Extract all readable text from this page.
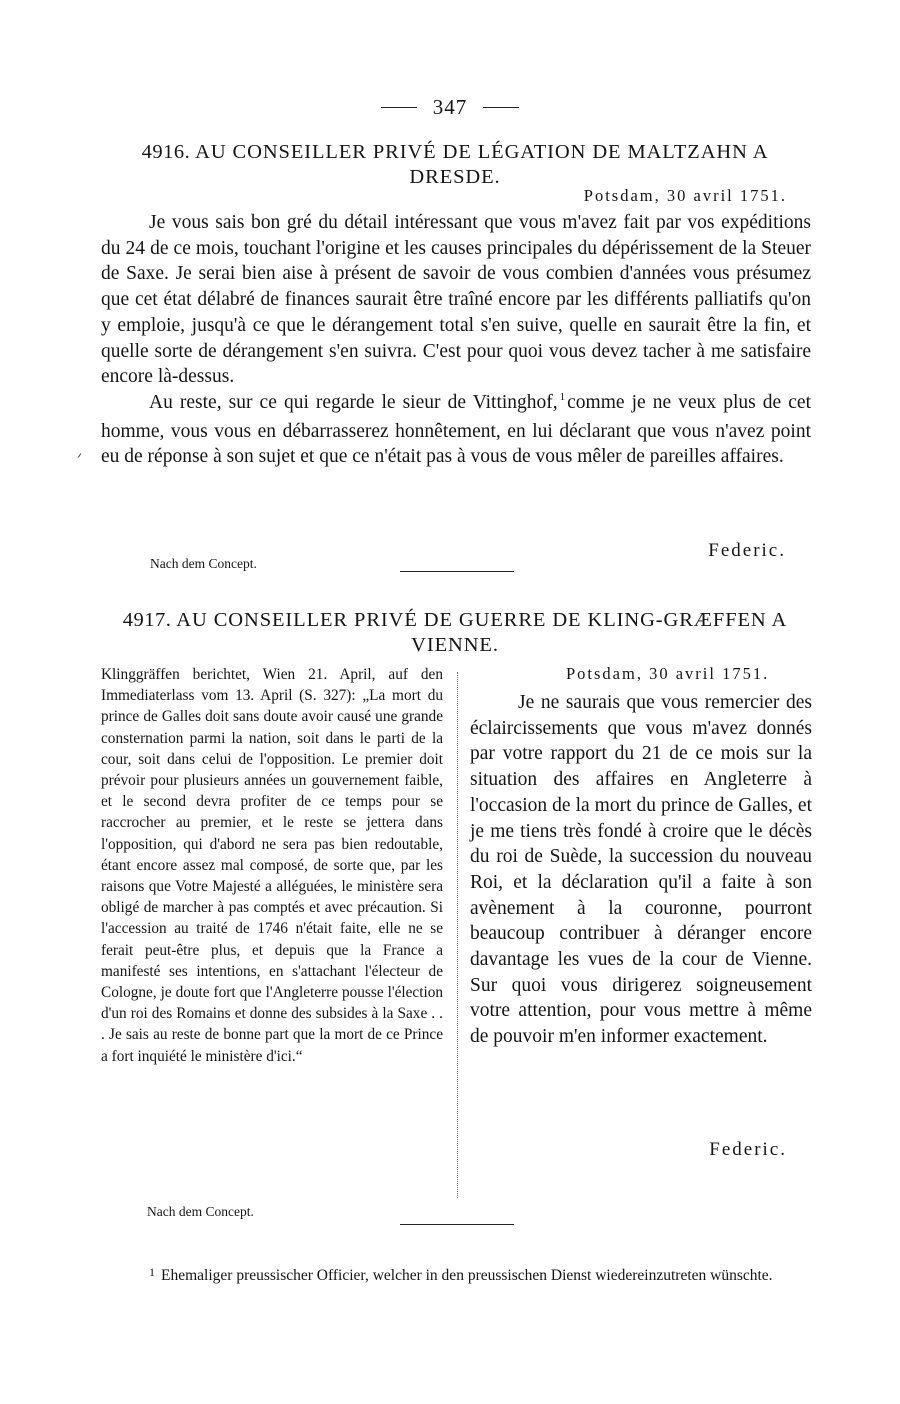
347
4916. AU CONSEILLER PRIVÉ DE LÉGATION DE MALTZAHN A DRESDE.
Potsdam, 30 avril 1751.

Je vous sais bon gré du détail intéressant que vous m'avez fait par vos expéditions du 24 de ce mois, touchant l'origine et les causes principales du dépérissement de la Steuer de Saxe. Je serai bien aise à présent de savoir de vous combien d'années vous présumez que cet état délabré de finances saurait être traîné encore par les différents palliatifs qu'on y emploie, jusqu'à ce que le dérangement total s'en suive, quelle en saurait être la fin, et quelle sorte de dérangement s'en suivra. C'est pour quoi vous devez tacher à me satisfaire encore là-dessus.

Au reste, sur ce qui regarde le sieur de Vittinghof, $^1$ comme je ne veux plus de cet homme, vous vous en débarrasserez honnêtement, en lui déclarant que vous n'avez point eu de réponse à son sujet et que ce n'était pas à vous de vous mêler de pareilles affaires.

Federic.
Nach dem Concept.
4917. AU CONSEILLER PRIVÉ DE GUERRE DE KLING-GRÆFFEN A VIENNE.
Klinggräffen berichtet, Wien 21. April, auf den Immediaterlass vom 13. April (S. 327): „La mort du prince de Galles doit sans doute avoir causé une grande consternation parmi la nation, soit dans le parti de la cour, soit dans celui de l'opposition. Le premier doit prévoir pour plusieurs années un gouvernement faible, et le second devra profiter de ce temps pour se raccrocher au premier, et le reste se jettera dans l'opposition, qui d'abord ne sera pas bien redoutable, étant encore assez mal composé, de sorte que, par les raisons que Votre Majesté a alléguées, le ministère sera obligé de marcher à pas comptés et avec précaution. Si l'accession au traité de 1746 n'était faite, elle ne se ferait peut-être plus, et depuis que la France a manifesté ses intentions, en s'attachant l'électeur de Cologne, je doute fort que l'Angleterre pousse l'élection d'un roi des Romains et donne des subsides à la Saxe . . . Je sais au reste de bonne part que la mort de ce Prince a fort inquiété le ministère d'ici.“
Nach dem Concept.
Potsdam, 30 avril 1751.

Je ne saurais que vous remercier des éclaircissements que vous m'avez donnés par votre rapport du 21 de ce mois sur la situation des affaires en Angleterre à l'occasion de la mort du prince de Galles, et je me tiens très fondé à croire que le décès du roi de Suède, la succession du nouveau Roi, et la déclaration qu'il a faite à son avènement à la couronne, pourront beaucoup contribuer à déranger encore davantage les vues de la cour de Vienne. Sur quoi vous dirigerez soigneusement votre attention, pour vous mettre à même de pouvoir m'en informer exactement.

Federic.
$^1$ Ehemaliger preussischer Officier, welcher in den preussischen Dienst wiedereinzutreten wünschte.
